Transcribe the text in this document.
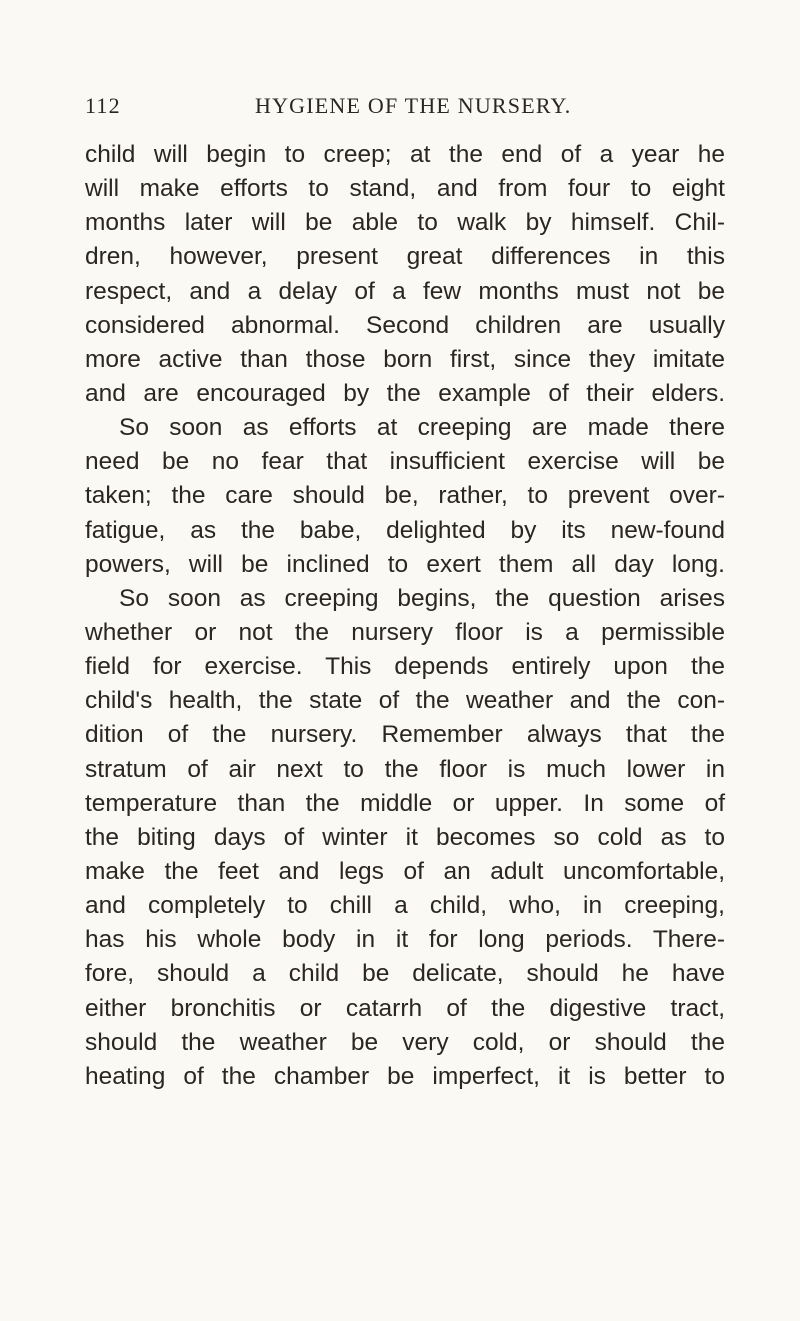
112	HYGIENE OF THE NURSERY.
child will begin to creep; at the end of a year he
will make efforts to stand, and from four to eight
months later will be able to walk by himself. Chil-
dren, however, present great differences in this
respect, and a delay of a few months must not be
considered abnormal. Second children are usually
more active than those born first, since they imitate
and are encouraged by the example of their elders.
So soon as efforts at creeping are made there
need be no fear that insufficient exercise will be
taken; the care should be, rather, to prevent over-
fatigue, as the babe, delighted by its new-found
powers, will be inclined to exert them all day long.
So soon as creeping begins, the question arises
whether or not the nursery floor is a permissible
field for exercise. This depends entirely upon the
child's health, the state of the weather and the con-
dition of the nursery. Remember always that the
stratum of air next to the floor is much lower in
temperature than the middle or upper. In some of
the biting days of winter it becomes so cold as to
make the feet and legs of an adult uncomfortable,
and completely to chill a child, who, in creeping,
has his whole body in it for long periods. There-
fore, should a child be delicate, should he have
either bronchitis or catarrh of the digestive tract,
should the weather be very cold, or should the
heating of the chamber be imperfect, it is better to
